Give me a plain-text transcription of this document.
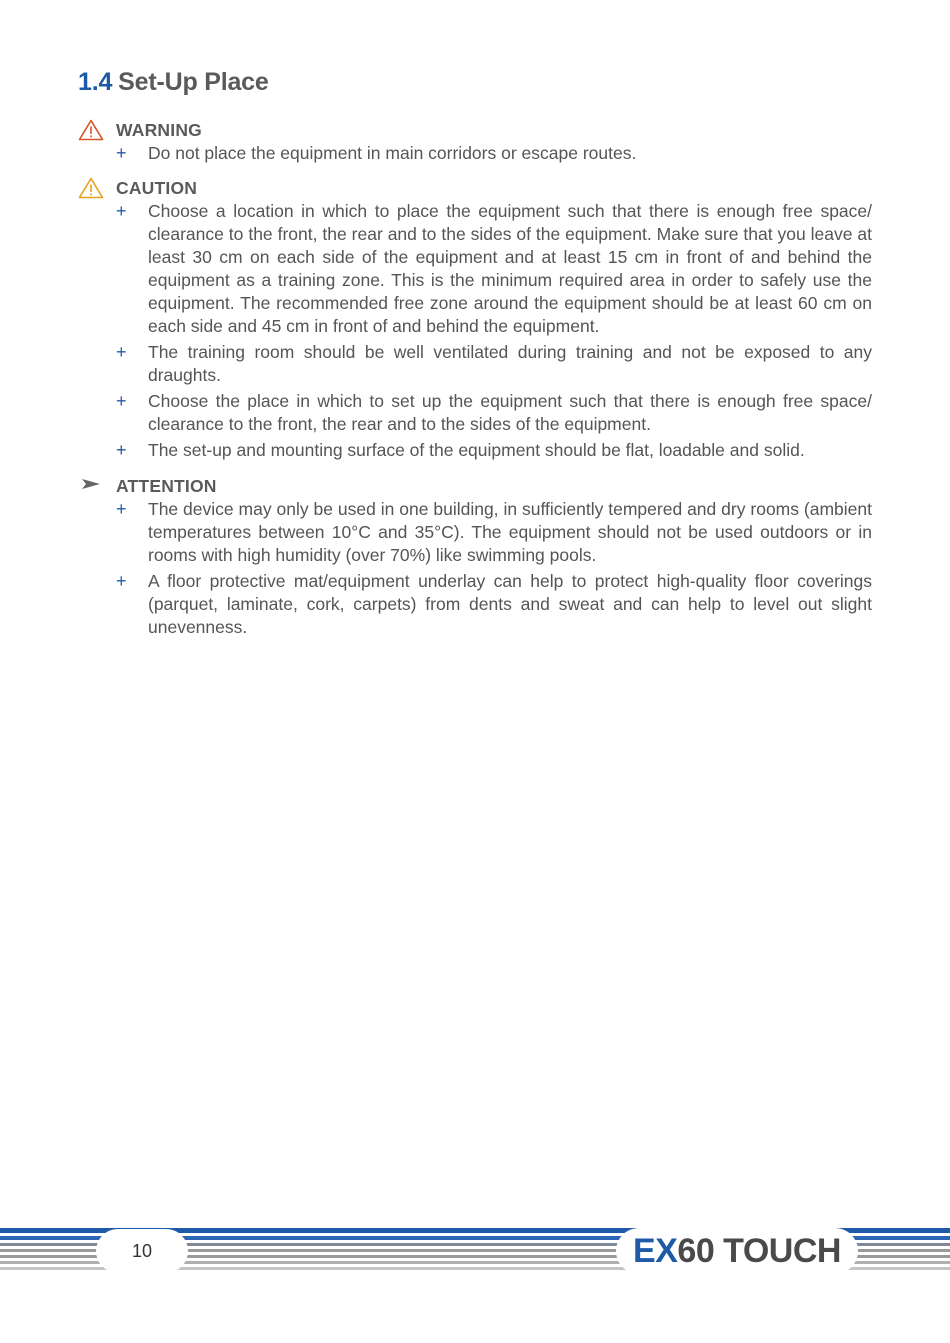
1.4 Set-Up Place
WARNING
+ Do not place the equipment in main corridors or escape routes.
CAUTION
+ Choose a location in which to place the equipment such that there is enough free space/ clearance to the front, the rear and to the sides of the equipment. Make sure that you leave at least 30 cm on each side of the equipment and at least 15 cm in front of and behind the equipment as a training zone. This is the minimum required area in order to safely use the equipment. The recommended free zone around the equipment should be at least 60 cm on each side and 45 cm in front of and behind the equipment.
+ The training room should be well ventilated during training and not be exposed to any draughts.
+ Choose the place in which to set up the equipment such that there is enough free space/ clearance to the front, the rear and to the sides of the equipment.
+ The set-up and mounting surface of the equipment should be flat, loadable and solid.
ATTENTION
+ The device may only be used in one building, in sufficiently tempered and dry rooms (ambient temperatures between 10°C and 35°C). The equipment should not be used outdoors or in rooms with high humidity (over 70%) like swimming pools.
+ A floor protective mat/equipment underlay can help to protect high-quality floor coverings (parquet, laminate, cork, carpets) from dents and sweat and can help to level out slight unevenness.
10	EX60 TOUCH
